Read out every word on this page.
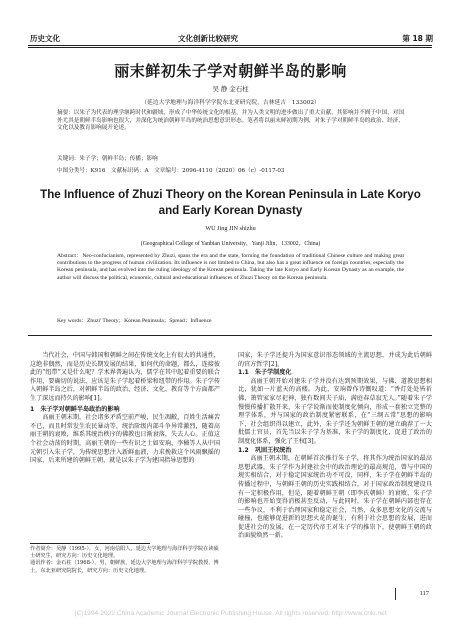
历史文化	文化创新比较研究	第 18 期
丽末鲜初朱子学对朝鲜半岛的影响
吴 静 金石柱
（延边大学地理与海洋科学学院东北亚研究院，吉林延吉　133002）
摘要：以朱子为代表的理学继跨时代和疆域，形成了中华传统文化的根基，并为人类文明的进步做出了重大贡献，其影响并不囿于中国，对国外尤其是朝鲜半岛影响也很大，并深化为统治朝鲜半岛的统治思想意识形态。笔者将以丽末鲜初期为例，对朱子学对朝鲜半岛的政治、经济、文化以及教育影响展开论述。
关键词：朱子学；朝鲜半岛；传播；影响
中图分类号：K916　文献标识码：A　文章编号：2096-4110（2020）06（c）-0117-03
The Influence of Zhuzi Theory on the Korean Peninsula in Late Koryo and Early Korean Dynasty
WU Jing JIN shizhu
(Geographical College of Yanbian University，Yanji Jilin，133002，China)
Abstract：Neo-confucianism, represented by Zhuzi, spans the era and the state, forming the foundation of traditional Chinese culture and making great contributions to the progress of human civilization. Its influence is not limited to China, but also has a great influence on foreign countries, especially the Korean peninsula, and has evolved into the ruling ideology of the Korean peninsula. Taking the late Koryo and Early Korean Dynasty as an example, the author will discuss the political, economic, cultural and educational influences of Zhuzi Theory on the Korean peninsula.
Key words：Zhuzi' Theory；Korean Peninsula；Spread；Influence

当代社会，中国与韩国和朝鲜之间在传统文化上有很大的共通性，这绝非偶然，而是历史长期发展的结果，如何代的命题，都么，连接彼此的“纽带”又是什么呢？学术界普遍认为，儒学在其中起着重要的联合作用，要确切的说法，应该是朱子学起着桥梁和纽带的作用。朱子学传入朝鲜半岛之后，对朝鲜半岛的政治、经济、文化、教育等个方面都产生了深远而持久的影响[1]。

1　朱子学对朝鲜半岛政治的影响

高丽王朝末期，社会诸多矛盾空前严峻，民生凋敝，百姓生活痛苦不已，而且时常发生农民暴动等，统治阶级内部斗争异常激烈，随着高丽王朝的衰败，维系其统治秩序的佛教也日渐衰落，失去人心。正值这个社会动荡的时期，高丽王朝的一些有识之士如安珦、李穑等人从中国元朝引入朱子学，为传统思想注入新鲜血液，力求挽救这个风雨飘摇的国家，后来所建的朝鲜王朝，就是以朱子学为建国指导思想的

作者简介：吴静（1995-），女，河南信阳人，延边大学地理与海洋科学学院在读硕士研究生，研究方向：历史文化地理。
通讯作者：金石柱（1968-），男，朝鲜族，延边大学地理与海洋科学学院教授，博士，东北亚研究院院长，研究方向：历史文化地理。

国家，朱子学还提升为国家意识形态领域的主流思想，并成为此后朝鲜的官方哲学[2]。

1.1　朱子学制度化

高丽王朝开始对建朱子学并没有达到预期效果，与佛、道教思想相比，犹如一片蓝天的高楼。为此，安珦曾作诗慨叹道：“香灯处处皆祈佛，箫管家家尽祀神，独有数间夫子庙，满庭春草寂无人。”随着朱子学慢慢传播扩散开来，朱子学说渐而使制度化倾向，形成一套独立完整的理学体系，并与国家的政治制度紧密联系，在“三纲五常”思想的影响下，社会组织得以建立，此外，朱子学还为朝鲜王朝的建立确荐了一大批儒士官员，首先当以朱子学为基准，朱子学的制度化，促进了政治的制度化体系，强化了王权[3]。

1.2　巩固王权统治

高丽王朝末期，在朝鲜首次推行朱子学，将其作为统治国家的最高思想武器，朱子学作为封建社会中的政治理论的最高规范，曾与中国的规实相结合，对于稳定国家统治功不可没，同样，朱子学在朝鲜半岛的传播过程中，与朝鲜王朝的历史实践相结合，对于国家政治制度建设具有一定积极作用，但是，随着朝鲜王朝（即李氏朝鲜）的衰败，朱子学的影响也开始变得消极甚至反动，与此同时，朱子学在朝鲜内部也存在一些争议，不利于治理国家和稳定社会，当然，众多思想文化的交流与碰撞，也能够促进新的思想火花的诞生，有利于社会思想的发展，进而促进社会的发展，在一定历代帝王对朱子学的推崇下，使朝鲜王朝的政治面貌焕然一新。

117
(C)1994-2022 China Academic Journal Electronic Publishing House. All rights reserved. http://www.cnki.net
